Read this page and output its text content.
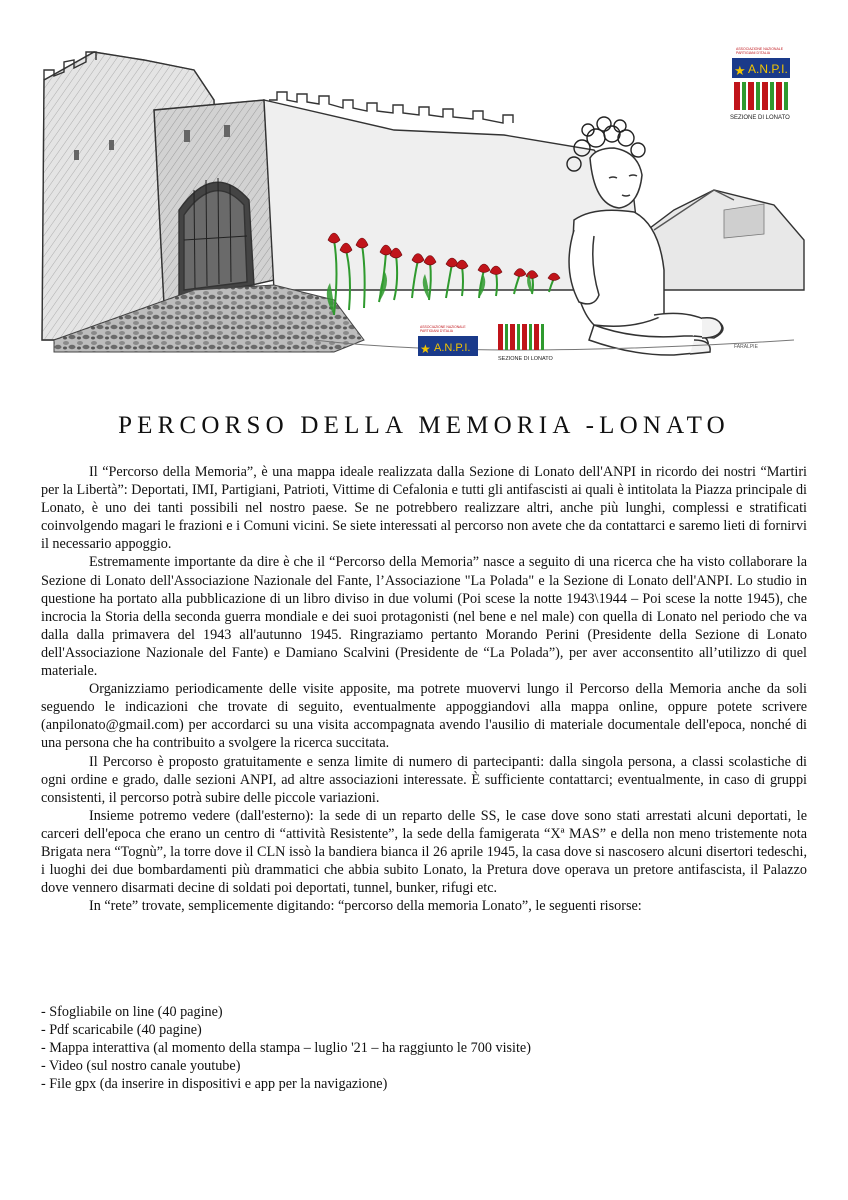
FARALPIE
ASSOCIAZIONE NAZIONALE
PARTIGIANI D'ITALIA
★ A.N.P.I.
SEZIONE DI LONATO
ASSOCIAZIONE NAZIONALE
PARTIGIANI D'ITALIA
★ A.N.P.I.
SEZIONE DI LONATO
PERCORSO DELLA MEMORIA -LONATO

Il “Percorso della Memoria”, è una mappa ideale realizzata dalla Sezione di Lonato dell'ANPI in ricordo dei nostri “Martiri per la Libertà”: Deportati, IMI, Partigiani, Patrioti, Vittime di Cefalonia e tutti gli antifascisti ai quali è intitolata la Piazza principale di Lonato, è uno dei tanti possibili nel nostro paese. Se ne potrebbero realizzare altri, anche più lunghi, complessi e stratificati coinvolgendo magari le frazioni e i Comuni vicini. Se siete interessati al percorso non avete che da contattarci e saremo lieti di fornirvi il necessario appoggio.

Estremamente importante da dire è che il “Percorso della Memoria” nasce a seguito di una ricerca che ha visto collaborare la Sezione di Lonato dell'Associazione Nazionale del Fante, l’Associazione "La Polada" e la Sezione di Lonato dell'ANPI. Lo studio in questione ha portato alla pubblicazione di un libro diviso in due volumi (Poi scese la notte 1943\1944 – Poi scese la notte 1945), che incrocia la Storia della seconda guerra mondiale e dei suoi protagonisti (nel bene e nel male) con quella di Lonato nel periodo che va dalla dalla primavera del 1943 all'autunno 1945. Ringraziamo pertanto Morando Perini (Presidente della Sezione di Lonato dell'Associazione Nazionale del Fante) e Damiano Scalvini (Presidente de “La Polada”), per aver acconsentito all’utilizzo di quel materiale.

Organizziamo periodicamente delle visite apposite, ma potrete muovervi lungo il Percorso della Memoria anche da soli seguendo le indicazioni che trovate di seguito, eventualmente appoggiandovi alla mappa online, oppure potete scrivere (anpilonato@gmail.com) per accordarci su una visita accompagnata avendo l'ausilio di materiale documentale dell'epoca, nonché di una persona che ha contribuito a svolgere la ricerca succitata.

Il Percorso è proposto gratuitamente e senza limite di numero di partecipanti: dalla singola persona, a classi scolastiche di ogni ordine e grado, dalle sezioni ANPI, ad altre associazioni interessate. È sufficiente contattarci; eventualmente, in caso di gruppi consistenti, il percorso potrà subire delle piccole variazioni.

Insieme potremo vedere (dall'esterno): la sede di un reparto delle SS, le case dove sono stati arrestati alcuni deportati, le carceri dell'epoca che erano un centro di “attività Resistente”, la sede della famigerata “Xª MAS” e della non meno tristemente nota Brigata nera “Tognù”, la torre dove il CLN issò la bandiera bianca il 26 aprile 1945, la casa dove si nascosero alcuni disertori tedeschi, i luoghi dei due bombardamenti più drammatici che abbia subito Lonato, la Pretura dove operava un pretore antifascista, il Palazzo dove vennero disarmati decine di soldati poi deportati, tunnel, bunker, rifugi etc.

In “rete” trovate, semplicemente digitando: “percorso della memoria Lonato”, le seguenti risorse:

- Sfogliabile on line (40 pagine)
- Pdf scaricabile (40 pagine)
- Mappa interattiva (al momento della stampa – luglio '21 – ha raggiunto le 700 visite)
- Video (sul nostro canale youtube)
- File gpx (da inserire in dispositivi e app per la navigazione)
